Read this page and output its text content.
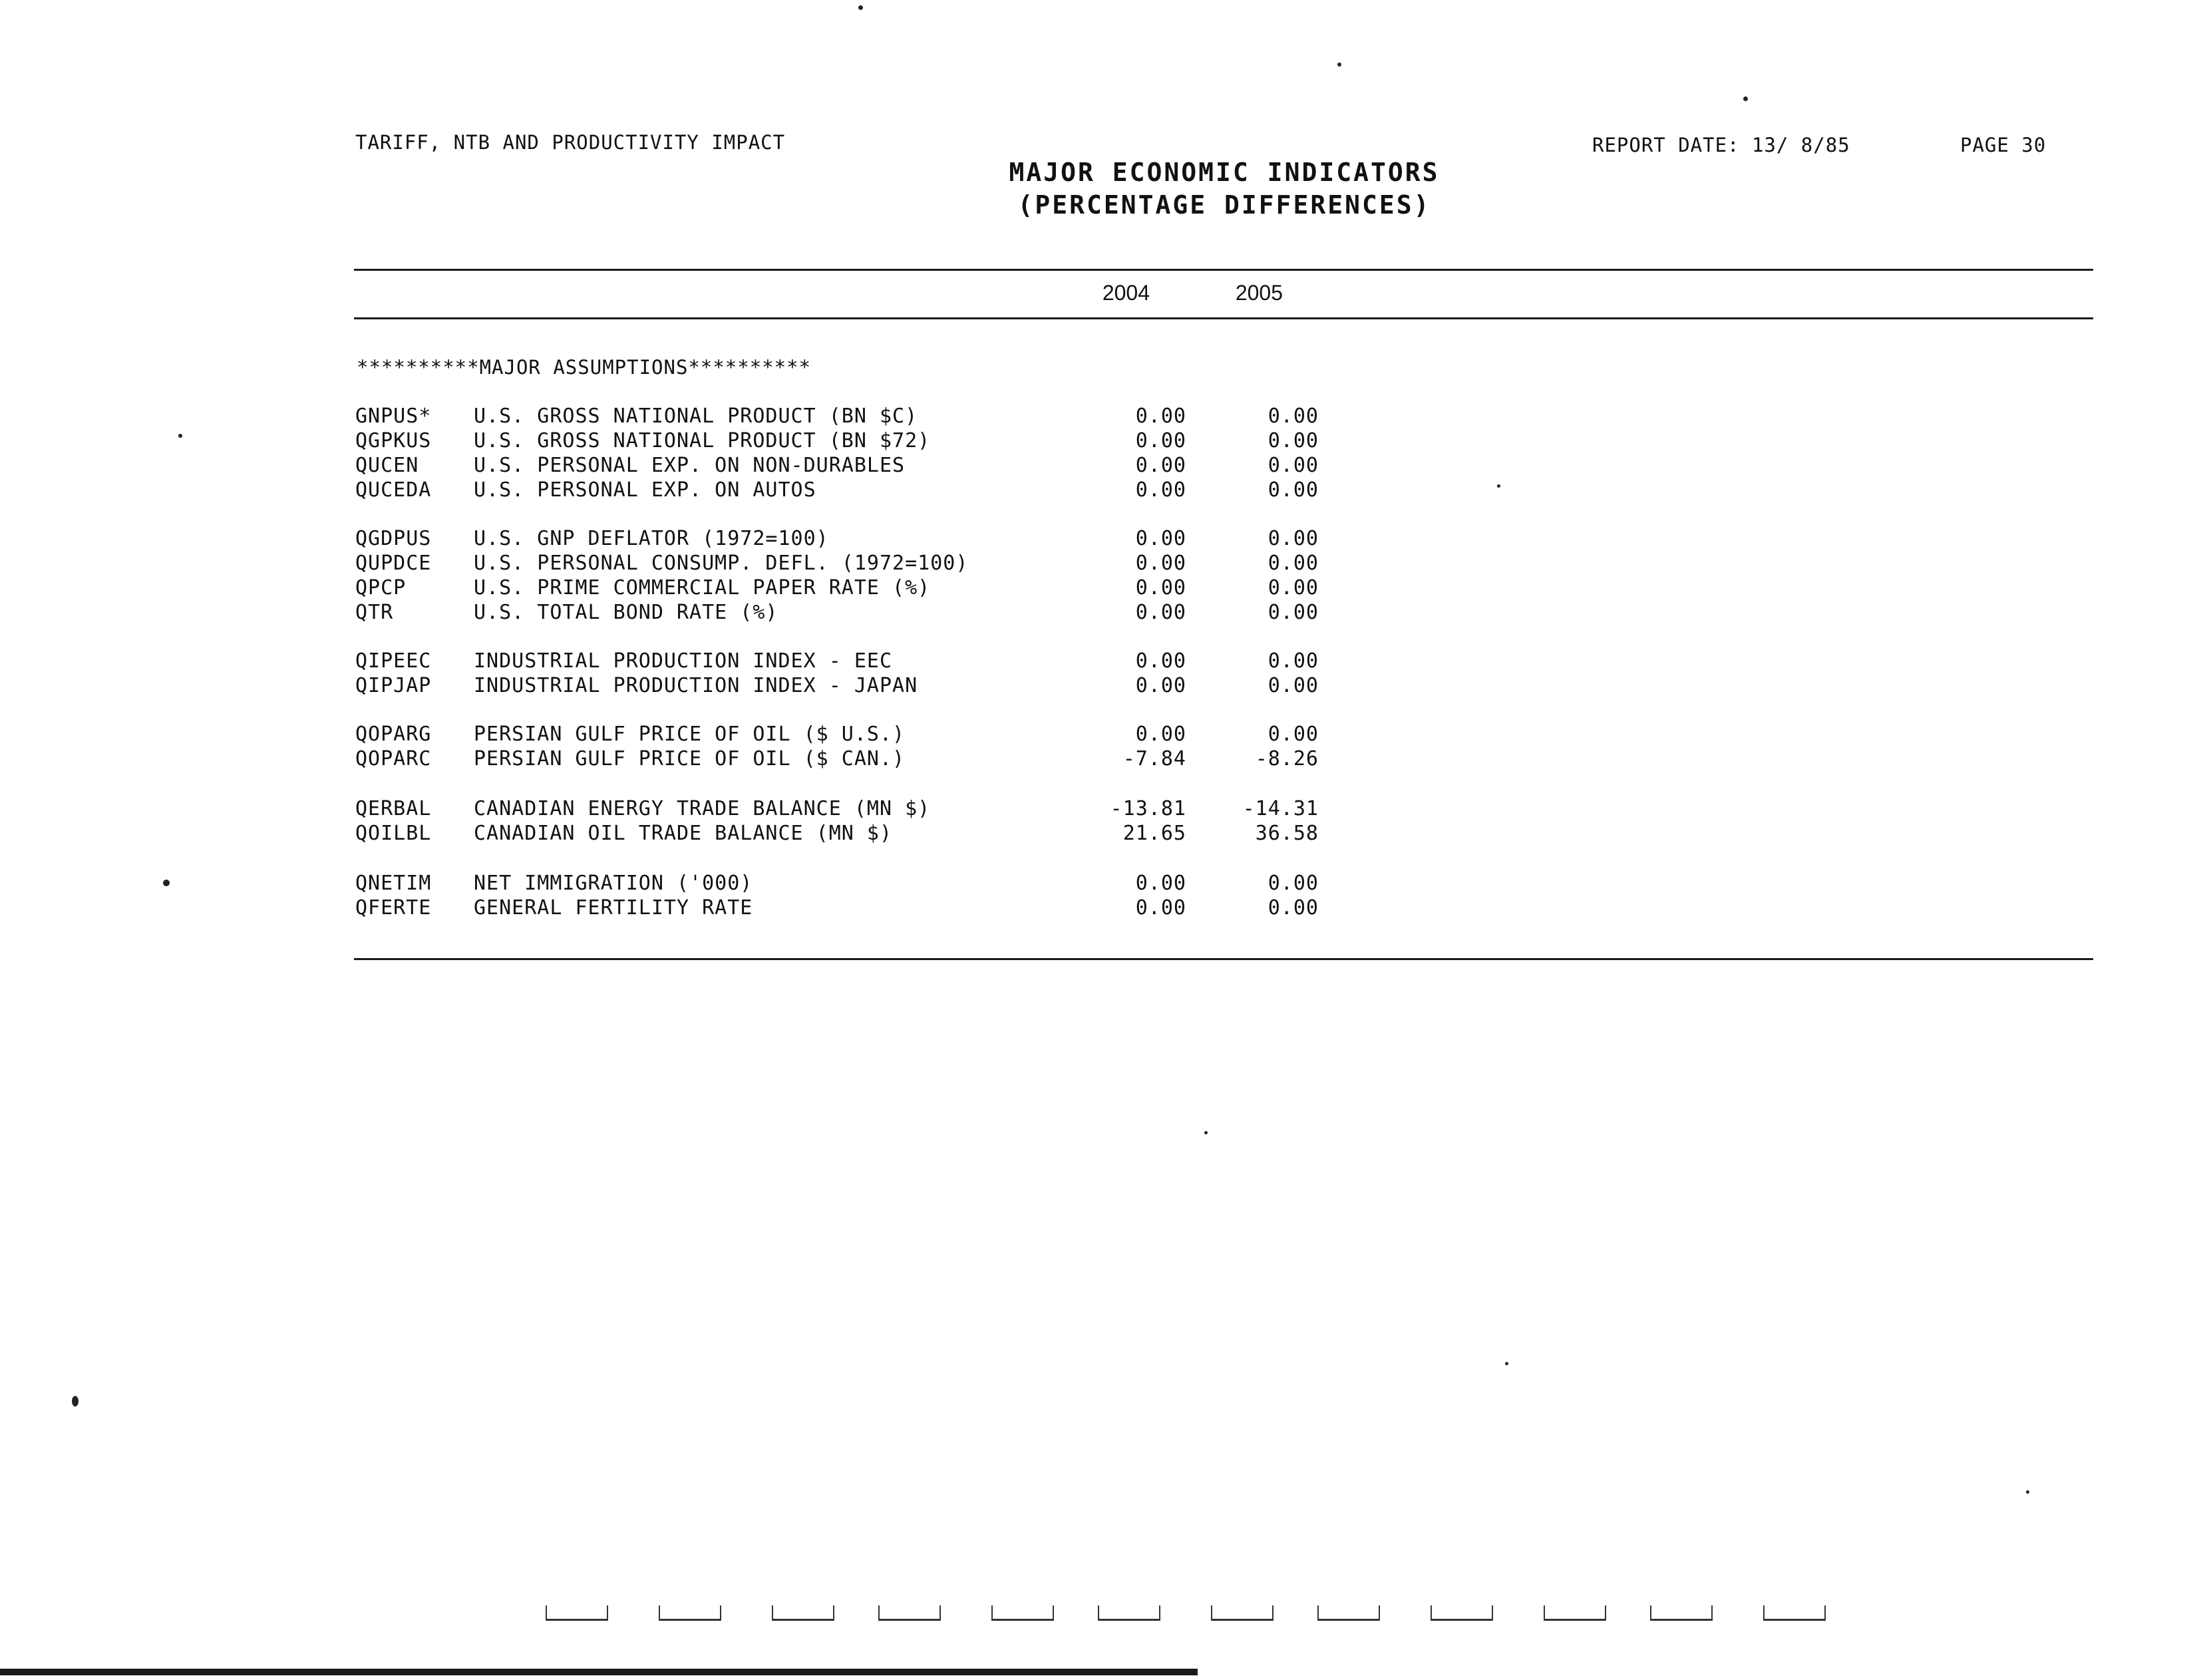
TARIFF, NTB AND PRODUCTIVITY IMPACT	REPORT DATE: 13/ 8/85	PAGE 30
MAJOR ECONOMIC INDICATORS
(PERCENTAGE DIFFERENCES)
2004	2005
**********MAJOR ASSUMPTIONS**********
GNPUS*	U.S. GROSS NATIONAL PRODUCT (BN $C)	0.00	0.00
QGPKUS	U.S. GROSS NATIONAL PRODUCT (BN $72)	0.00	0.00
QUCEN	U.S. PERSONAL EXP. ON NON-DURABLES	0.00	0.00
QUCEDA	U.S. PERSONAL EXP. ON AUTOS	0.00	0.00
QGDPUS	U.S. GNP DEFLATOR (1972=100)	0.00	0.00
QUPDCE	U.S. PERSONAL CONSUMP. DEFL. (1972=100)	0.00	0.00
QPCP	U.S. PRIME COMMERCIAL PAPER RATE (%)	0.00	0.00
QTR	U.S. TOTAL BOND RATE (%)	0.00	0.00
QIPEEC	INDUSTRIAL PRODUCTION INDEX - EEC	0.00	0.00
QIPJAP	INDUSTRIAL PRODUCTION INDEX - JAPAN	0.00	0.00
QOPARG	PERSIAN GULF PRICE OF OIL ($ U.S.)	0.00	0.00
QOPARC	PERSIAN GULF PRICE OF OIL ($ CAN.)	-7.84	-8.26
QERBAL	CANADIAN ENERGY TRADE BALANCE (MN $)	-13.81	-14.31
QOILBL	CANADIAN OIL TRADE BALANCE (MN $)	21.65	36.58
QNETIM	NET IMMIGRATION ('000)	0.00	0.00
QFERTE	GENERAL FERTILITY RATE	0.00	0.00
